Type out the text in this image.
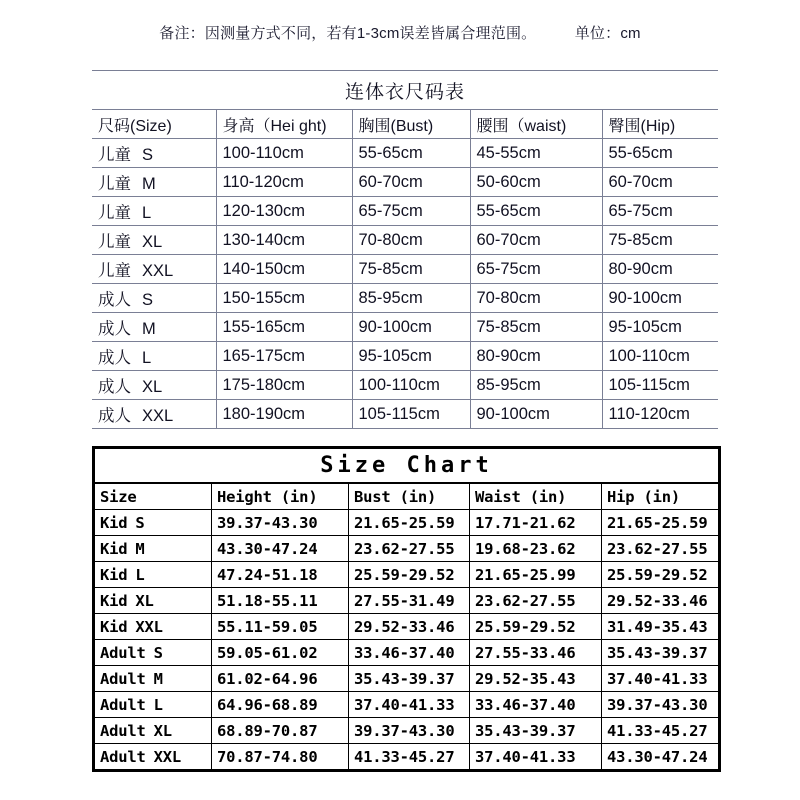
备注：因测量方式不同，若有1-3cm误差皆属合理范围。	单位：cm
连体衣尺码表				
尺码(Size)	身高（Hei ght)	胸围(Bust)	腰围（waist)	臀围(Hip)
儿童 S	100-110cm	55-65cm	45-55cm	55-65cm
儿童 M	110-120cm	60-70cm	50-60cm	60-70cm
儿童 L	120-130cm	65-75cm	55-65cm	65-75cm
儿童 XL	130-140cm	70-80cm	60-70cm	75-85cm
儿童 XXL	140-150cm	75-85cm	65-75cm	80-90cm
成人 S	150-155cm	85-95cm	70-80cm	90-100cm
成人 M	155-165cm	90-100cm	75-85cm	95-105cm
成人 L	165-175cm	95-105cm	80-90cm	100-110cm
成人 XL	175-180cm	100-110cm	85-95cm	105-115cm
成人 XXL	180-190cm	105-115cm	90-100cm	110-120cm
Size Chart				
Size	Height (in)	Bust (in)	Waist (in)	Hip (in)
Kid S	39.37-43.30	21.65-25.59	17.71-21.62	21.65-25.59
Kid M	43.30-47.24	23.62-27.55	19.68-23.62	23.62-27.55
Kid L	47.24-51.18	25.59-29.52	21.65-25.99	25.59-29.52
Kid XL	51.18-55.11	27.55-31.49	23.62-27.55	29.52-33.46
Kid XXL	55.11-59.05	29.52-33.46	25.59-29.52	31.49-35.43
Adult S	59.05-61.02	33.46-37.40	27.55-33.46	35.43-39.37
Adult M	61.02-64.96	35.43-39.37	29.52-35.43	37.40-41.33
Adult L	64.96-68.89	37.40-41.33	33.46-37.40	39.37-43.30
Adult XL	68.89-70.87	39.37-43.30	35.43-39.37	41.33-45.27
Adult XXL	70.87-74.80	41.33-45.27	37.40-41.33	43.30-47.24
